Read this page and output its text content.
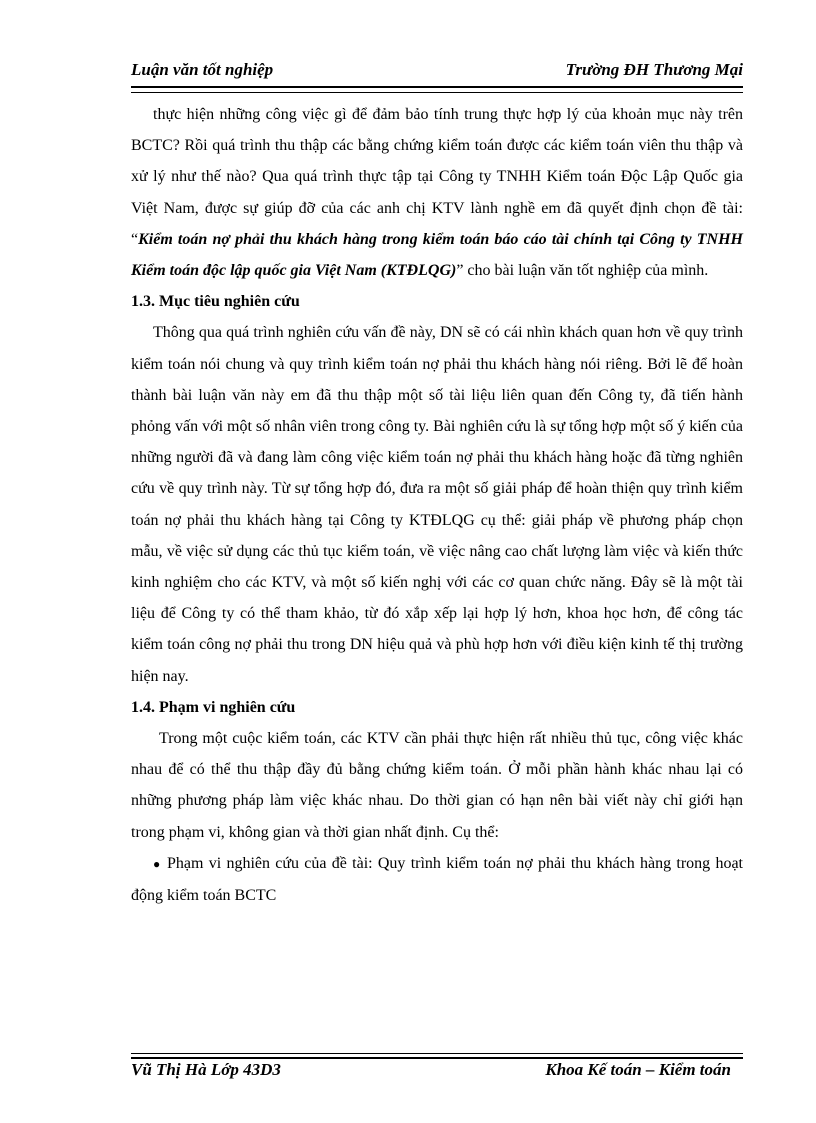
Luận văn tốt nghiệp	Trường ĐH Thương Mại

thực hiện những công việc gì để đảm bảo tính trung thực hợp lý của khoản mục này trên BCTC? Rồi quá trình thu thập các bằng chứng kiểm toán được các kiểm toán viên thu thập và xử lý như thế nào? Qua quá trình thực tập tại Công ty TNHH Kiểm toán Độc Lập Quốc gia Việt Nam, được sự giúp đỡ của các anh chị KTV lành nghề em đã quyết định chọn đề tài: “Kiểm toán nợ phải thu khách hàng trong kiểm toán báo cáo tài chính tại Công ty TNHH Kiểm toán độc lập quốc gia Việt Nam (KTĐLQG)” cho bài luận văn tốt nghiệp của mình.

1.3. Mục tiêu nghiên cứu

Thông qua quá trình nghiên cứu vấn đề này, DN sẽ có cái nhìn khách quan hơn về quy trình kiểm toán nói chung và quy trình kiểm toán nợ phải thu khách hàng nói riêng. Bởi lẽ để hoàn thành bài luận văn này em đã thu thập một số tài liệu liên quan đến Công ty, đã tiến hành phỏng vấn với một số nhân viên trong công ty. Bài nghiên cứu là sự tổng hợp một số ý kiến của những người đã và đang làm công việc kiểm toán nợ phải thu khách hàng hoặc đã từng nghiên cứu về quy trình này. Từ sự tổng hợp đó, đưa ra một số giải pháp để hoàn thiện quy trình kiểm toán nợ phải thu khách hàng tại Công ty KTĐLQG cụ thể: giải pháp về phương pháp chọn mẫu, về việc sử dụng các thủ tục kiểm toán, về việc nâng cao chất lượng làm việc và kiến thức kinh nghiệm cho các KTV, và một số kiến nghị với các cơ quan chức năng. Đây sẽ là một tài liệu để Công ty có thể tham khảo, từ đó xắp xếp lại hợp lý hơn, khoa học hơn, để công tác kiểm toán công nợ phải thu trong DN hiệu quả và phù hợp hơn với điều kiện kinh tế thị trường hiện nay.

1.4. Phạm vi nghiên cứu

Trong một cuộc kiểm toán, các KTV cần phải thực hiện rất nhiều thủ tục, công việc khác nhau để có thể thu thập đầy đủ bằng chứng kiểm toán. Ở mỗi phần hành khác nhau lại có những phương pháp làm việc khác nhau. Do thời gian có hạn nên bài viết này chỉ giới hạn trong phạm vi, không gian và thời gian nhất định. Cụ thể:

● Phạm vi nghiên cứu của đề tài: Quy trình kiểm toán nợ phải thu khách hàng trong hoạt động kiểm toán BCTC

Vũ Thị Hà Lớp 43D3	Khoa Kế toán – Kiểm toán
